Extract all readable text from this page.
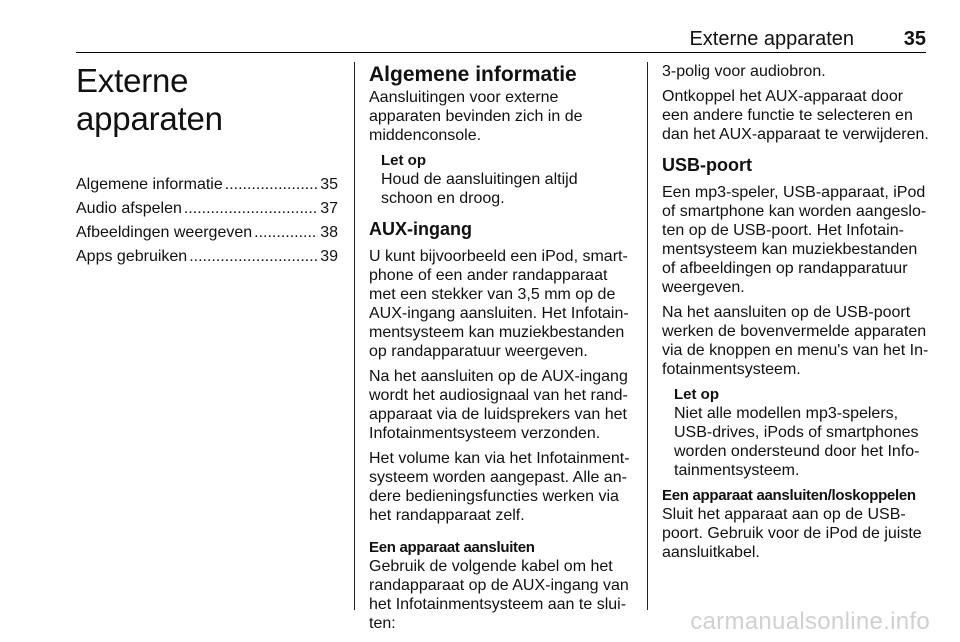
Externe apparaten 35
Externe apparaten
Algemene informatie .....	35
Audio afspelen .....	37
Afbeeldingen weergeven .....	38
Apps gebruiken .....	39
Algemene informatie

Aansluitingen voor externe apparaten bevinden zich in de middenconsole.

Let op

Houd de aansluitingen altijd schoon en droog.

AUX-ingang

U kunt bijvoorbeeld een iPod, smart-phone of een ander randapparaat met een stekker van 3,5 mm op de AUX-ingang aansluiten. Het Infotain-mentsysteem kan muziekbestanden op randapparatuur weergeven.

Na het aansluiten op de AUX-ingang wordt het audiosignaal van het rand-apparaat via de luidsprekers van het Infotainmentsysteem verzonden.

Het volume kan via het Infotainment-systeem worden aangepast. Alle an-dere bedieningsfuncties werken via het randapparaat zelf.

Een apparaat aansluiten

Gebruik de volgende kabel om het randapparaat op de AUX-ingang van het Infotainmentsysteem aan te slui-ten:

3-polig voor audiobron.

Ontkoppel het AUX-apparaat door een andere functie te selecteren en dan het AUX-apparaat te verwijderen.

USB-poort

Een mp3-speler, USB-apparaat, iPod of smartphone kan worden aangeslo-ten op de USB-poort. Het Infotain-mentsysteem kan muziekbestanden of afbeeldingen op randapparatuur weergeven.

Na het aansluiten op de USB-poort werken de bovenvermelde apparaten via de knoppen en menu's van het In-fotainmentsysteem.

Let op

Niet alle modellen mp3-spelers, USB-drives, iPods of smartphones worden ondersteund door het Info-tainmentsysteem.

Een apparaat aansluiten/loskoppelen

Sluit het apparaat aan op de USB-poort. Gebruik voor de iPod de juiste aansluitkabel.

carmanualsonline.info
